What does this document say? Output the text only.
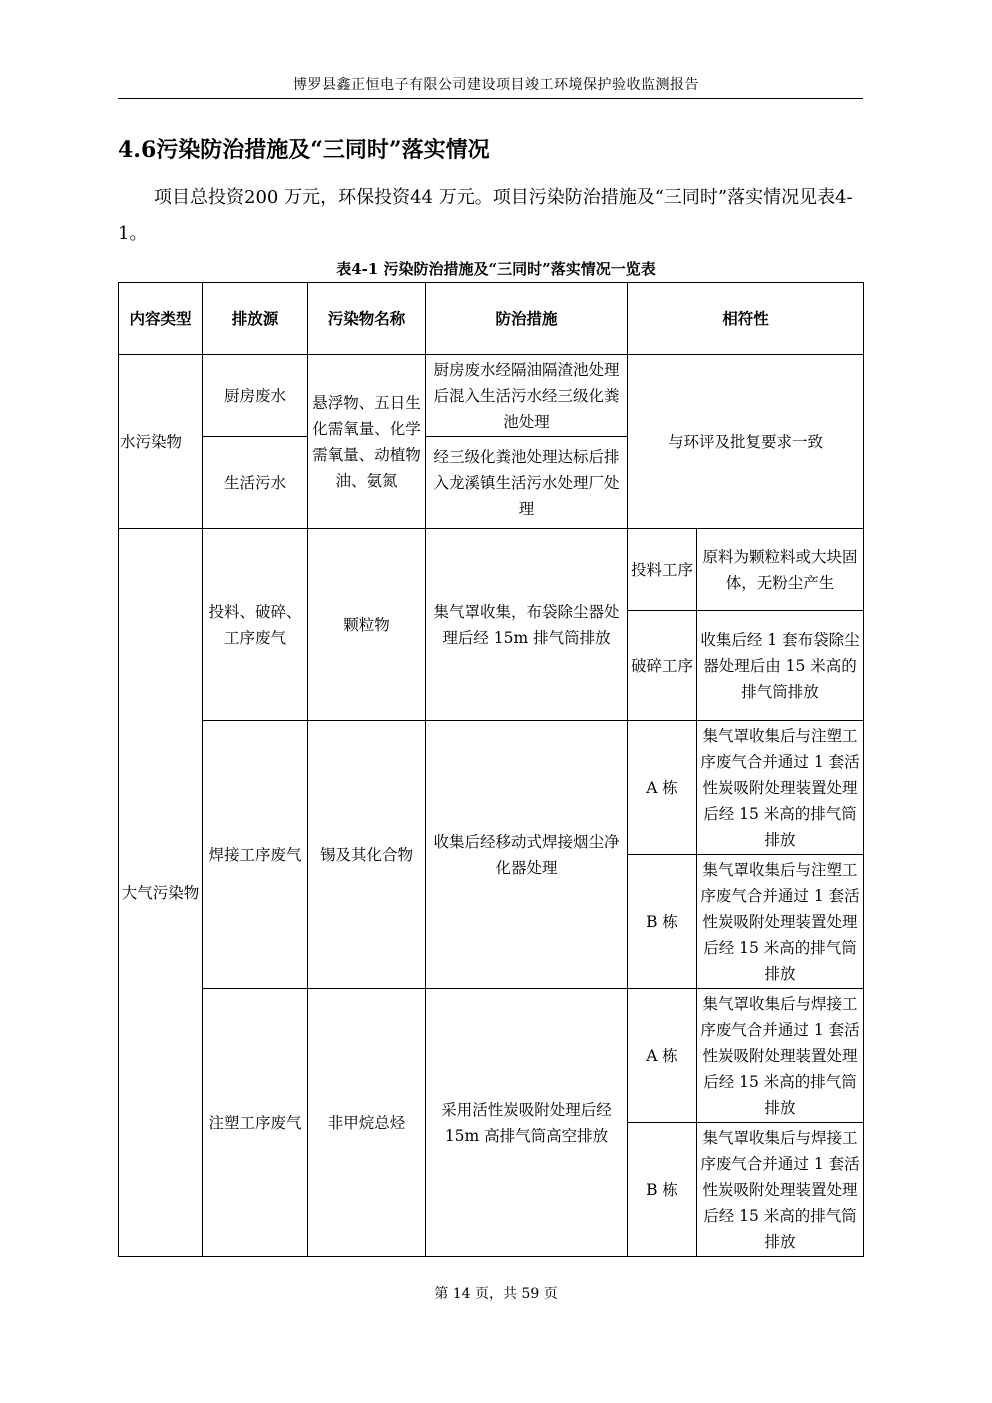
博罗县鑫正恒电子有限公司建设项目竣工环境保护验收监测报告
4.6污染防治措施及“三同时”落实情况
项目总投资200 万元，环保投资44 万元。项目污染防治措施及“三同时”落实情况见表4-1。
表4-1 污染防治措施及“三同时”落实情况一览表
内容类型	排放源	污染物名称	防治措施	相符性	
水污染物	厨房废水	悬浮物、五日生化需氧量、化学需氧量、动植物油、氨氮	厨房废水经隔油隔渣池处理后混入生活污水经三级化粪池处理	与环评及批复要求一致	
	生活污水		经三级化粪池处理达标后排入龙溪镇生活污水处理厂处理		
大气污染物	投料、破碎、工序废气	颗粒物	集气罩收集，布袋除尘器处理后经 15m 排气筒排放	投料工序	原料为颗粒料或大块固体，无粉尘产生
				破碎工序	收集后经 1 套布袋除尘器处理后由 15 米高的排气筒排放
	焊接工序废气	锡及其化合物	收集后经移动式焊接烟尘净化器处理	A 栋	集气罩收集后与注塑工序废气合并通过 1 套活性炭吸附处理装置处理后经 15 米高的排气筒排放
				B 栋	集气罩收集后与注塑工序废气合并通过 1 套活性炭吸附处理装置处理后经 15 米高的排气筒排放
	注塑工序废气	非甲烷总烃	采用活性炭吸附处理后经 15m 高排气筒高空排放	A 栋	集气罩收集后与焊接工序废气合并通过 1 套活性炭吸附处理装置处理后经 15 米高的排气筒排放
				B 栋	集气罩收集后与焊接工序废气合并通过 1 套活性炭吸附处理装置处理后经 15 米高的排气筒排放
第 14 页，共 59 页
